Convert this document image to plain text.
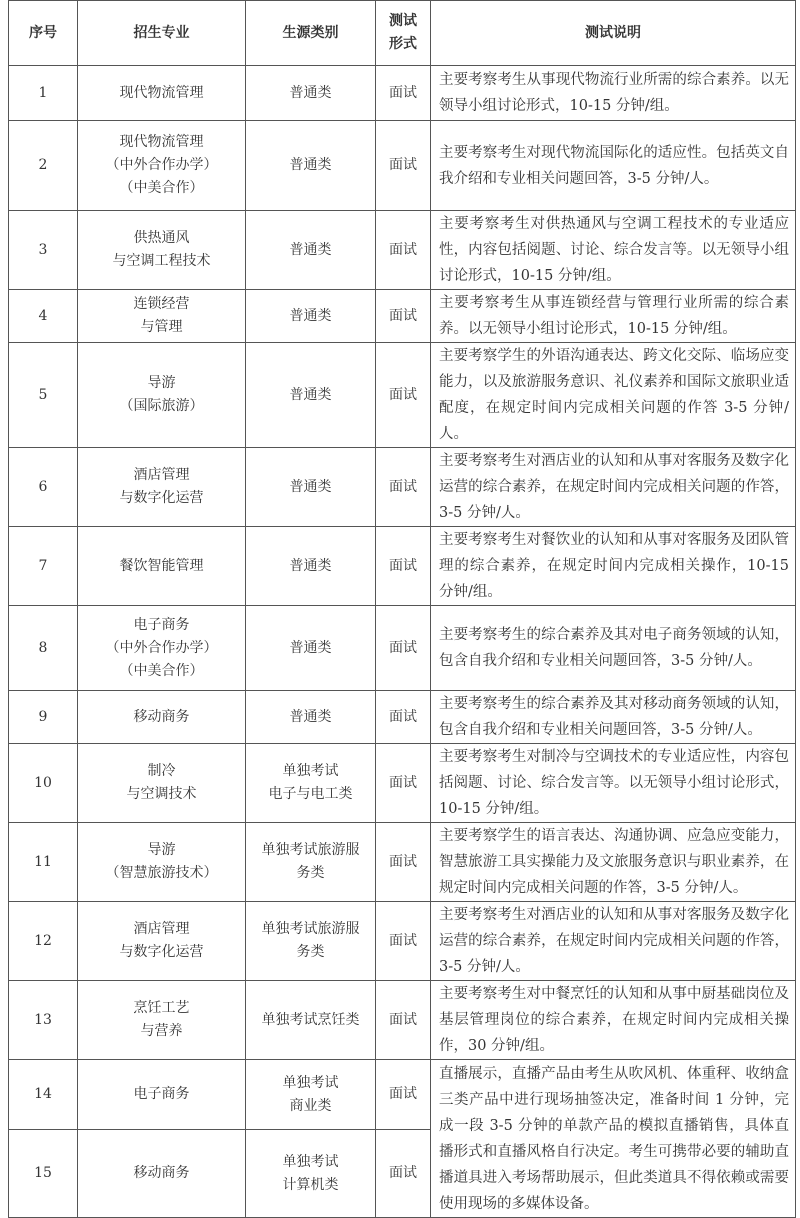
序号	招生专业	生源类别	测试
形式	测试说明
1	现代物流管理	普通类	面试	主要考察考生从事现代物流行业所需的综合素养。以无领导小组讨论形式，10-15 分钟/组。
2	现代物流管理
（中外合作办学）
（中美合作）	普通类	面试	主要考察考生对现代物流国际化的适应性。包括英文自我介绍和专业相关问题回答，3-5 分钟/人。
3	供热通风
与空调工程技术	普通类	面试	主要考察考生对供热通风与空调工程技术的专业适应性，内容包括阅题、讨论、综合发言等。以无领导小组讨论形式，10-15 分钟/组。
4	连锁经营
与管理	普通类	面试	主要考察考生从事连锁经营与管理行业所需的综合素养。以无领导小组讨论形式，10-15 分钟/组。
5	导游
（国际旅游）	普通类	面试	主要考察学生的外语沟通表达、跨文化交际、临场应变能力，以及旅游服务意识、礼仪素养和国际文旅职业适配度，在规定时间内完成相关问题的作答 3-5 分钟/人。
6	酒店管理
与数字化运营	普通类	面试	主要考察考生对酒店业的认知和从事对客服务及数字化运营的综合素养，在规定时间内完成相关问题的作答，3-5 分钟/人。
7	餐饮智能管理	普通类	面试	主要考察考生对餐饮业的认知和从事对客服务及团队管理的综合素养，在规定时间内完成相关操作，10-15 分钟/组。
8	电子商务
（中外合作办学）
（中美合作）	普通类	面试	主要考察考生的综合素养及其对电子商务领域的认知，包含自我介绍和专业相关问题回答，3-5 分钟/人。
9	移动商务	普通类	面试	主要考察考生的综合素养及其对移动商务领域的认知，包含自我介绍和专业相关问题回答，3-5 分钟/人。
10	制冷
与空调技术	单独考试
电子与电工类	面试	主要考察考生对制冷与空调技术的专业适应性，内容包括阅题、讨论、综合发言等。以无领导小组讨论形式，10-15 分钟/组。
11	导游
（智慧旅游技术）	单独考试旅游服
务类	面试	主要考察学生的语言表达、沟通协调、应急应变能力，智慧旅游工具实操能力及文旅服务意识与职业素养，在规定时间内完成相关问题的作答，3-5 分钟/人。
12	酒店管理
与数字化运营	单独考试旅游服
务类	面试	主要考察考生对酒店业的认知和从事对客服务及数字化运营的综合素养，在规定时间内完成相关问题的作答，3-5 分钟/人。
13	烹饪工艺
与营养	单独考试烹饪类	面试	主要考察考生对中餐烹饪的认知和从事中厨基础岗位及基层管理岗位的综合素养，在规定时间内完成相关操作，30 分钟/组。
14	电子商务	单独考试
商业类	面试	直播展示，直播产品由考生从吹风机、体重秤、收纳盒三类产品中进行现场抽签决定，准备时间 1 分钟，完成一段 3-5 分钟的单款产品的模拟直播销售，具体直播形式和直播风格自行决定。考生可携带必要的辅助直播道具进入考场帮助展示，但此类道具不得依赖或需要使用现场的多媒体设备。
15	移动商务	单独考试
计算机类	面试	
